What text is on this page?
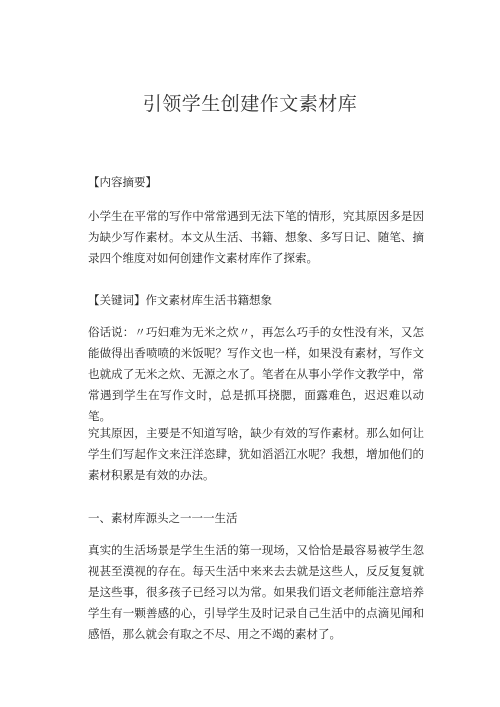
引领学生创建作文素材库
【内容摘要】
小学生在平常的写作中常常遇到无法下笔的情形，究其原因多是因为缺少写作素材。本文从生活、书籍、想象、多写日记、随笔、摘录四个维度对如何创建作文素材库作了探索。
【关键词】作文素材库生活书籍想象
俗话说：〃巧妇难为无米之炊〃，再怎么巧手的女性没有米，又怎能做得出香喷喷的米饭呢？写作文也一样，如果没有素材，写作文也就成了无米之炊、无源之水了。笔者在从事小学作文教学中，常常遇到学生在写作文时，总是抓耳挠腮，面露难色，迟迟难以动笔。
究其原因，主要是不知道写啥，缺少有效的写作素材。那么如何让学生们写起作文来汪洋恣肆，犹如滔滔江水呢？我想，增加他们的素材积累是有效的办法。
一、素材库源头之一一一生活
真实的生活场景是学生生活的第一现场，又恰恰是最容易被学生忽视甚至漠视的存在。每天生活中来来去去就是这些人，反反复复就是这些事，很多孩子已经习以为常。如果我们语文老师能注意培养学生有一颗善感的心，引导学生及时记录自己生活中的点滴见闻和感悟，那么就会有取之不尽、用之不竭的素材了。
